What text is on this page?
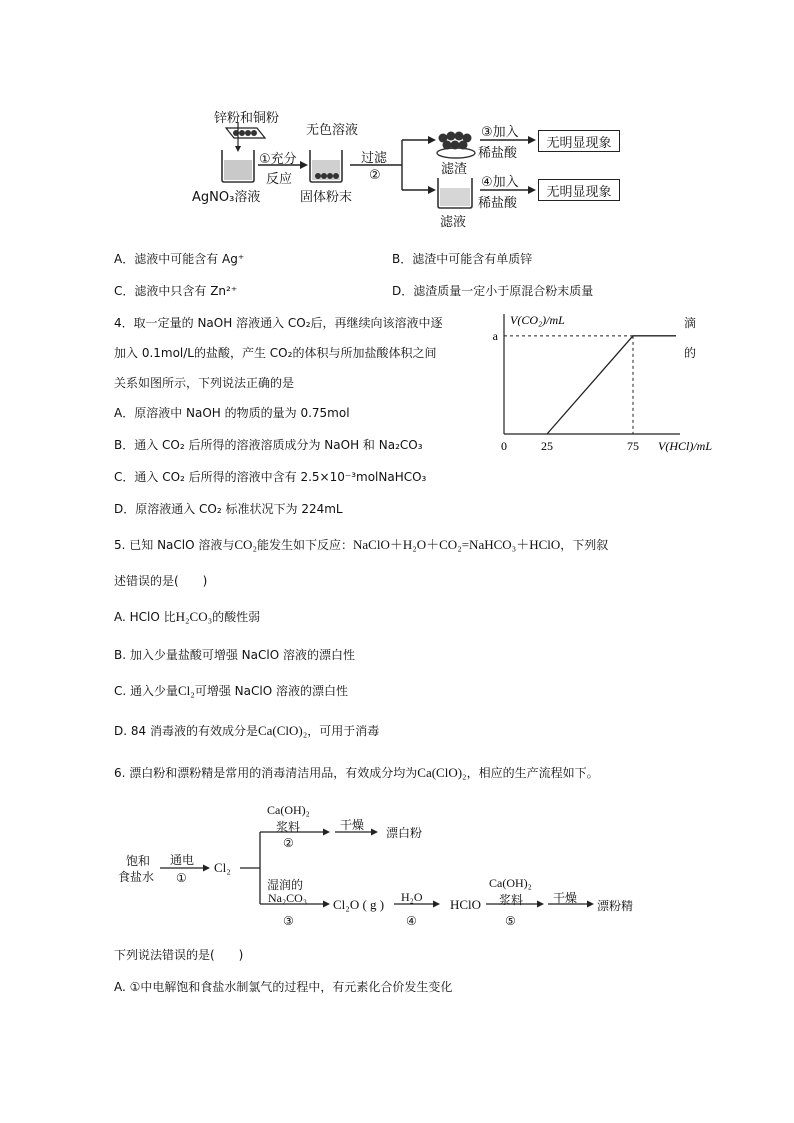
锌粉和铜粉
AgNO₃溶液
①充分
反应
无色溶液
固体粉末
过滤
②	滤渣
滤液
③加入
稀盐酸
④加入
稀盐酸
无明显现象
无明显现象
A．滤液中可能含有 Ag⁺	B．滤渣中可能含有单质锌
C．滤液中只含有 Zn²⁺	D．滤渣质量一定小于原混合粉末质量
4．取一定量的 NaOH 溶液通入 CO₂后，再继续向该溶液中逐	滴
加入 0.1mol/L的盐酸，产生 CO₂的体积与所加盐酸体积之间	的
关系如图所示，下列说法正确的是
A．原溶液中 NaOH 的物质的量为 0.75mol
B．通入 CO₂ 后所得的溶液溶质成分为 NaOH 和 Na₂CO₃
C．通入 CO₂ 后所得的溶液中含有 2.5×10⁻³molNaHCO₃
D．原溶液通入 CO₂ 标准状况下为 224mL
a
0	25	75
V(CO₂)/mL
V(HCl)/mL
5. 已知 NaClO 溶液与CO₂能发生如下反应：NaClO＋H₂O＋CO₂=NaHCO₃＋HClO，下列叙
述错误的是(　　)
A. HClO 比H₂CO₃的酸性弱
B. 加入少量盐酸可增强 NaClO 溶液的漂白性
C. 通入少量Cl₂可增强 NaClO 溶液的漂白性
D. 84 消毒液的有效成分是Ca(ClO)₂，可用于消毒
6. 漂白粉和漂粉精是常用的消毒清洁用品，有效成分均为Ca(ClO)₂，相应的生产流程如下。
饱和
食盐水
通电
①
Cl₂
Ca(OH)₂
浆料
②
干燥
漂白粉
湿润的
Na₂CO₃
③
Cl₂O ( g ) H₂O
④
HClO
Ca(OH)₂
浆料
⑤
干燥
漂粉精
下列说法错误的是(　　)
A. ①中电解饱和食盐水制氯气的过程中，有元素化合价发生变化
